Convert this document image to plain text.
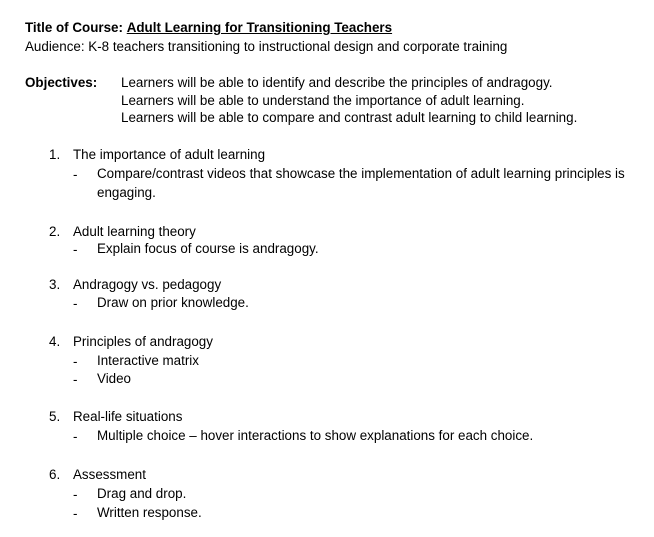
Title of Course: Adult Learning for Transitioning Teachers
Audience: K-8 teachers transitioning to instructional design and corporate training
Objectives: Learners will be able to identify and describe the principles of andragogy.
Learners will be able to understand the importance of adult learning.
Learners will be able to compare and contrast adult learning to child learning.
1. The importance of adult learning
- Compare/contrast videos that showcase the implementation of adult learning principles is
engaging.
2. Adult learning theory
- Explain focus of course is andragogy.
3. Andragogy vs. pedagogy
- Draw on prior knowledge.
4. Principles of andragogy
- Interactive matrix
- Video
5. Real-life situations
- Multiple choice – hover interactions to show explanations for each choice.
6. Assessment
- Drag and drop.
- Written response.
